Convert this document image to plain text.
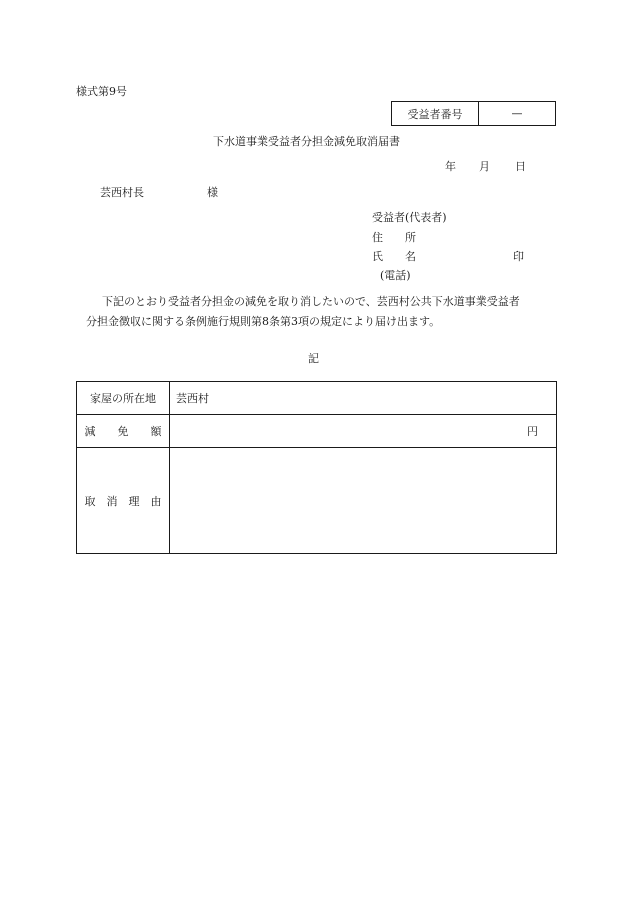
様式第9号
受益者番号	—
下水道事業受益者分担金減免取消届書
年 月 日
芸西村長	様
受益者(代表者)
住　　所
氏　　名	印
(電話)
下記のとおり受益者分担金の減免を取り消したいので、芸西村公共下水道事業受益者
分担金徴収に関する条例施行規則第8条第3項の規定により届け出ます。
記
家屋の所在地	芸西村
減　　免　　額	円
取　消　理　由	
